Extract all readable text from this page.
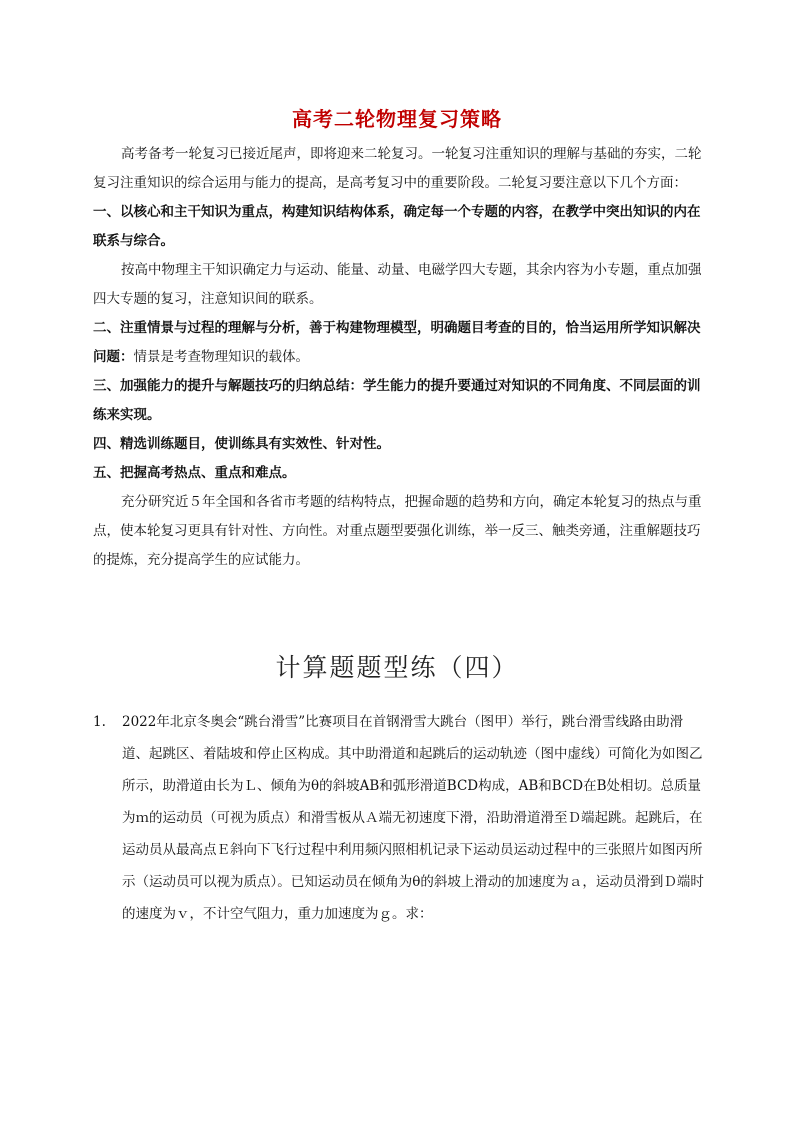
高考二轮物理复习策略

高考备考一轮复习已接近尾声，即将迎来二轮复习。一轮复习注重知识的理解与基础的夯实，二轮复习注重知识的综合运用与能力的提高，是高考复习中的重要阶段。二轮复习要注意以下几个方面：

一、以核心和主干知识为重点，构建知识结构体系，确定每一个专题的内容，在教学中突出知识的内在联系与综合。

按高中物理主干知识确定力与运动、能量、动量、电磁学四大专题，其余内容为小专题，重点加强四大专题的复习，注意知识间的联系。

二、注重情景与过程的理解与分析，善于构建物理模型，明确题目考查的目的，恰当运用所学知识解决问题：情景是考查物理知识的载体。

三、加强能力的提升与解题技巧的归纳总结：学生能力的提升要通过对知识的不同角度、不同层面的训练来实现。

四、精选训练题目，使训练具有实效性、针对性。

五、把握高考热点、重点和难点。

充分研究近５年全国和各省市考题的结构特点，把握命题的趋势和方向，确定本轮复习的热点与重点，使本轮复习更具有针对性、方向性。对重点题型要强化训练，举一反三、触类旁通，注重解题技巧的提炼，充分提高学生的应试能力。

计算题题型练（四）
1. 2022年北京冬奥会“跳台滑雪”比赛项目在首钢滑雪大跳台（图甲）举行，跳台滑雪线路由助滑道、起跳区、着陆坡和停止区构成。其中助滑道和起跳后的运动轨迹（图中虚线）可简化为如图乙所示，助滑道由长为Ｌ、倾角为θ的斜坡AB和弧形滑道BCD构成，AB和BCD在B处相切。总质量为ｍ的运动员（可视为质点）和滑雪板从Ａ端无初速度下滑，沿助滑道滑至Ｄ端起跳。起跳后，在运动员从最高点Ｅ斜向下飞行过程中利用频闪照相机记录下运动员运动过程中的三张照片如图丙所示（运动员可以视为质点）。已知运动员在倾角为θ的斜坡上滑动的加速度为ａ，运动员滑到Ｄ端时的速度为ｖ，不计空气阻力，重力加速度为ｇ。求：
